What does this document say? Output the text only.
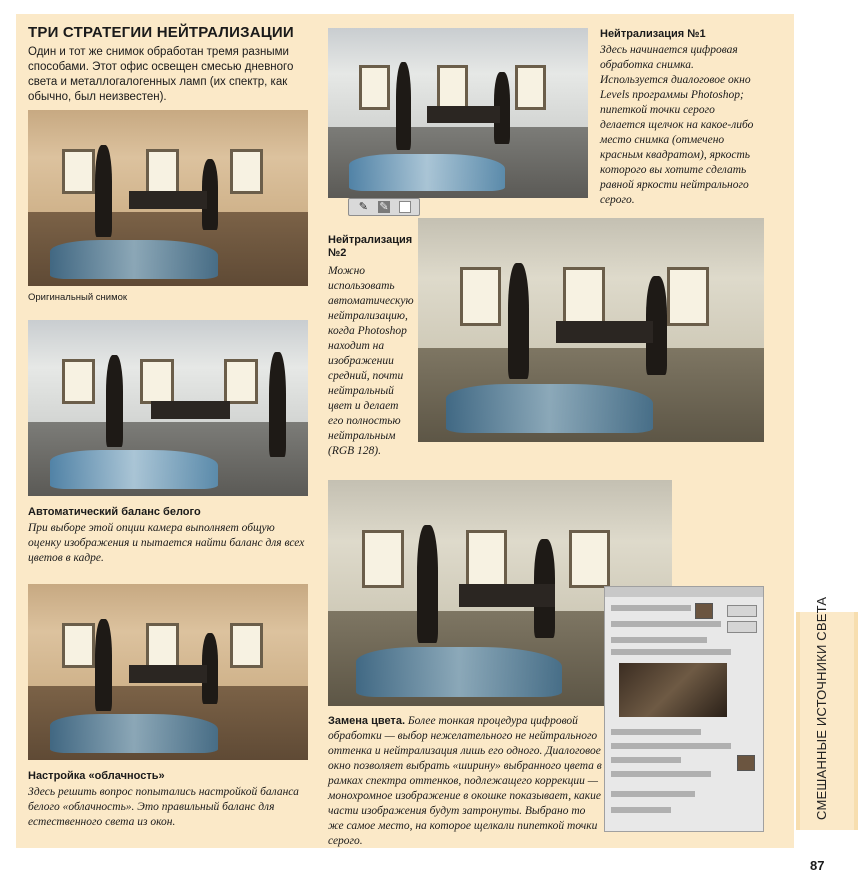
СМЕШАННЫЕ ИСТОЧНИКИ СВЕТА
87
ТРИ СТРАТЕГИИ НЕЙТРАЛИЗАЦИИ
Один и тот же снимок обработан тремя разными способами. Этот офис освещен смесью дневного света и металлогалогенных ламп (их спектр, как обычно, был неизвестен).
Оригинальный снимок
Автоматический баланс белого
При выборе этой опции камера выполняет общую оценку изображения и пытается найти баланс для всех цветов в кадре.
Настройка «облачность»
Здесь решить вопрос попытались настройкой баланса белого «облачность». Это правильный баланс для естественного света из окон.
✎ ✎
Нейтрализация №1
Здесь начинается цифровая обработка снимка. Используется диалоговое окно Levels программы Photoshop; пипеткой точки серого делается щелчок на какое-либо место снимка (отмечено красным квадратом), яркость которого вы хотите сделать равной яркости нейтрального серого.
Нейтрализация №2
Можно использовать автоматическую нейтрализацию, когда Photoshop находит на изображении средний, почти нейтральный цвет и делает его полностью нейтральным (RGB 128).
Замена цвета. Более тонкая процедура цифровой обработки — выбор нежелательного не нейтрального оттенка и нейтрализация лишь его одного. Диалоговое окно позволяет выбрать «ширину» выбранного цвета в рамках спектра оттенков, подлежащего коррекции — монохромное изображение в окошке показывает, какие части изображения будут затронуты. Выбрано то же самое место, на которое щелкали пипеткой точки серого.
